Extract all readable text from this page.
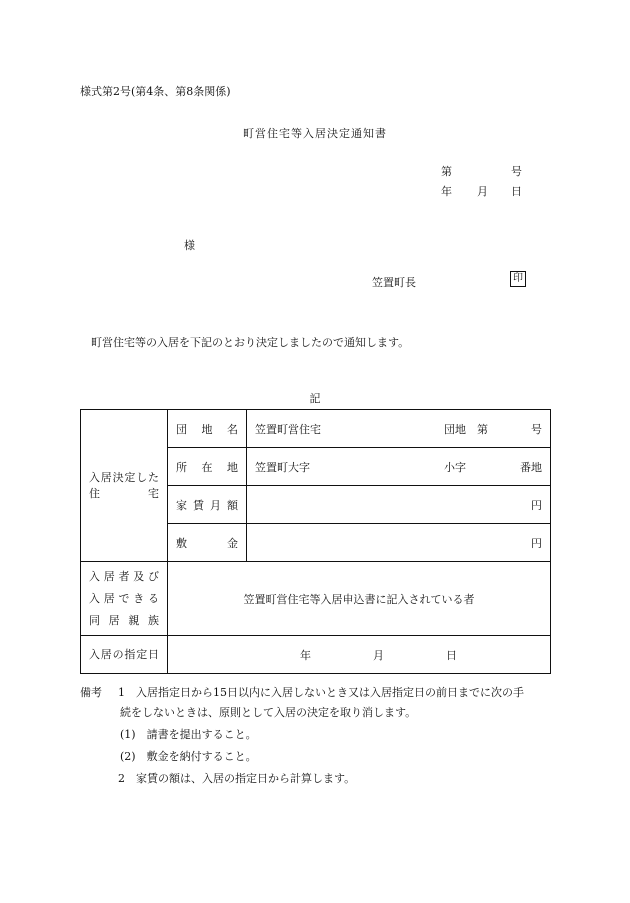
様式第2号(第4条、第8条関係)
町営住宅等入居決定通知書
第	号
年 月 日
様
笠置町長	印
町営住宅等の入居を下記のとおり決定しましたので通知します。
記
入居決定した住　　　宅	団地名	笠置町営住宅 団地　第 号

	所在地	笠置町大字 小字 番地

	家賃月額	円

	敷金	円

入居者及び
入居できる
同居親族	笠置町営住宅等入居申込書に記入されている者	

入居の指定日	年 月 日	
備考 1 入居指定日から15日以内に入居しないとき又は入居指定日の前日までに次の手
続をしないときは、原則として入居の決定を取り消します。
(1)　請書を提出すること。
(2)　敷金を納付すること。
2　家賃の額は、入居の指定日から計算します。
